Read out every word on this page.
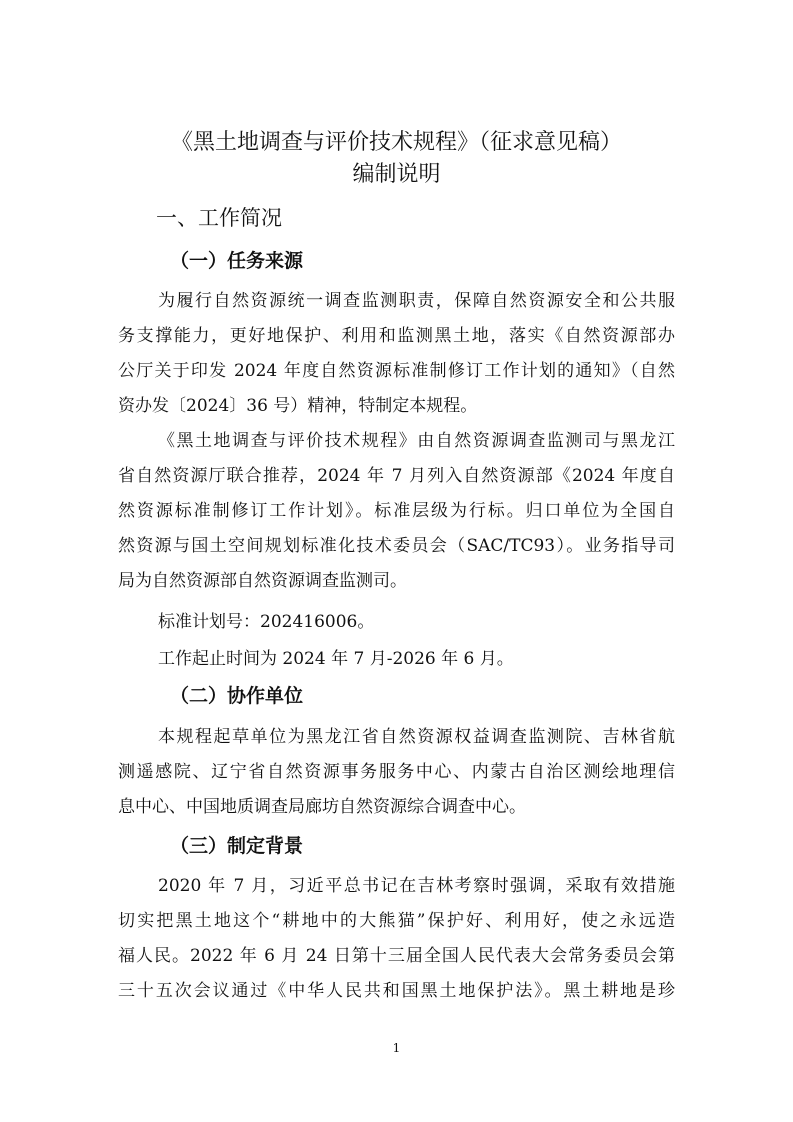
《黑土地调查与评价技术规程》（征求意见稿）
编制说明
一、工作简况
（一）任务来源
为履行自然资源统一调查监测职责，保障自然资源安全和公共服
务支撑能力，更好地保护、利用和监测黑土地，落实《自然资源部办
公厅关于印发 2024 年度自然资源标准制修订工作计划的通知》（自然
资办发〔2024〕36 号）精神，特制定本规程。
《黑土地调查与评价技术规程》由自然资源调查监测司与黑龙江
省自然资源厅联合推荐，2024 年 7 月列入自然资源部《2024 年度自
然资源标准制修订工作计划》。标准层级为行标。归口单位为全国自
然资源与国土空间规划标准化技术委员会（SAC/TC93）。业务指导司
局为自然资源部自然资源调查监测司。
标准计划号：202416006。
工作起止时间为 2024 年 7 月-2026 年 6 月。
（二）协作单位
本规程起草单位为黑龙江省自然资源权益调查监测院、吉林省航
测遥感院、辽宁省自然资源事务服务中心、内蒙古自治区测绘地理信
息中心、中国地质调查局廊坊自然资源综合调查中心。
（三）制定背景
2020 年 7 月，习近平总书记在吉林考察时强调，采取有效措施
切实把黑土地这个“耕地中的大熊猫”保护好、利用好，使之永远造
福人民。2022 年 6 月 24 日第十三届全国人民代表大会常务委员会第
三十五次会议通过《中华人民共和国黑土地保护法》。黑土耕地是珍
1
